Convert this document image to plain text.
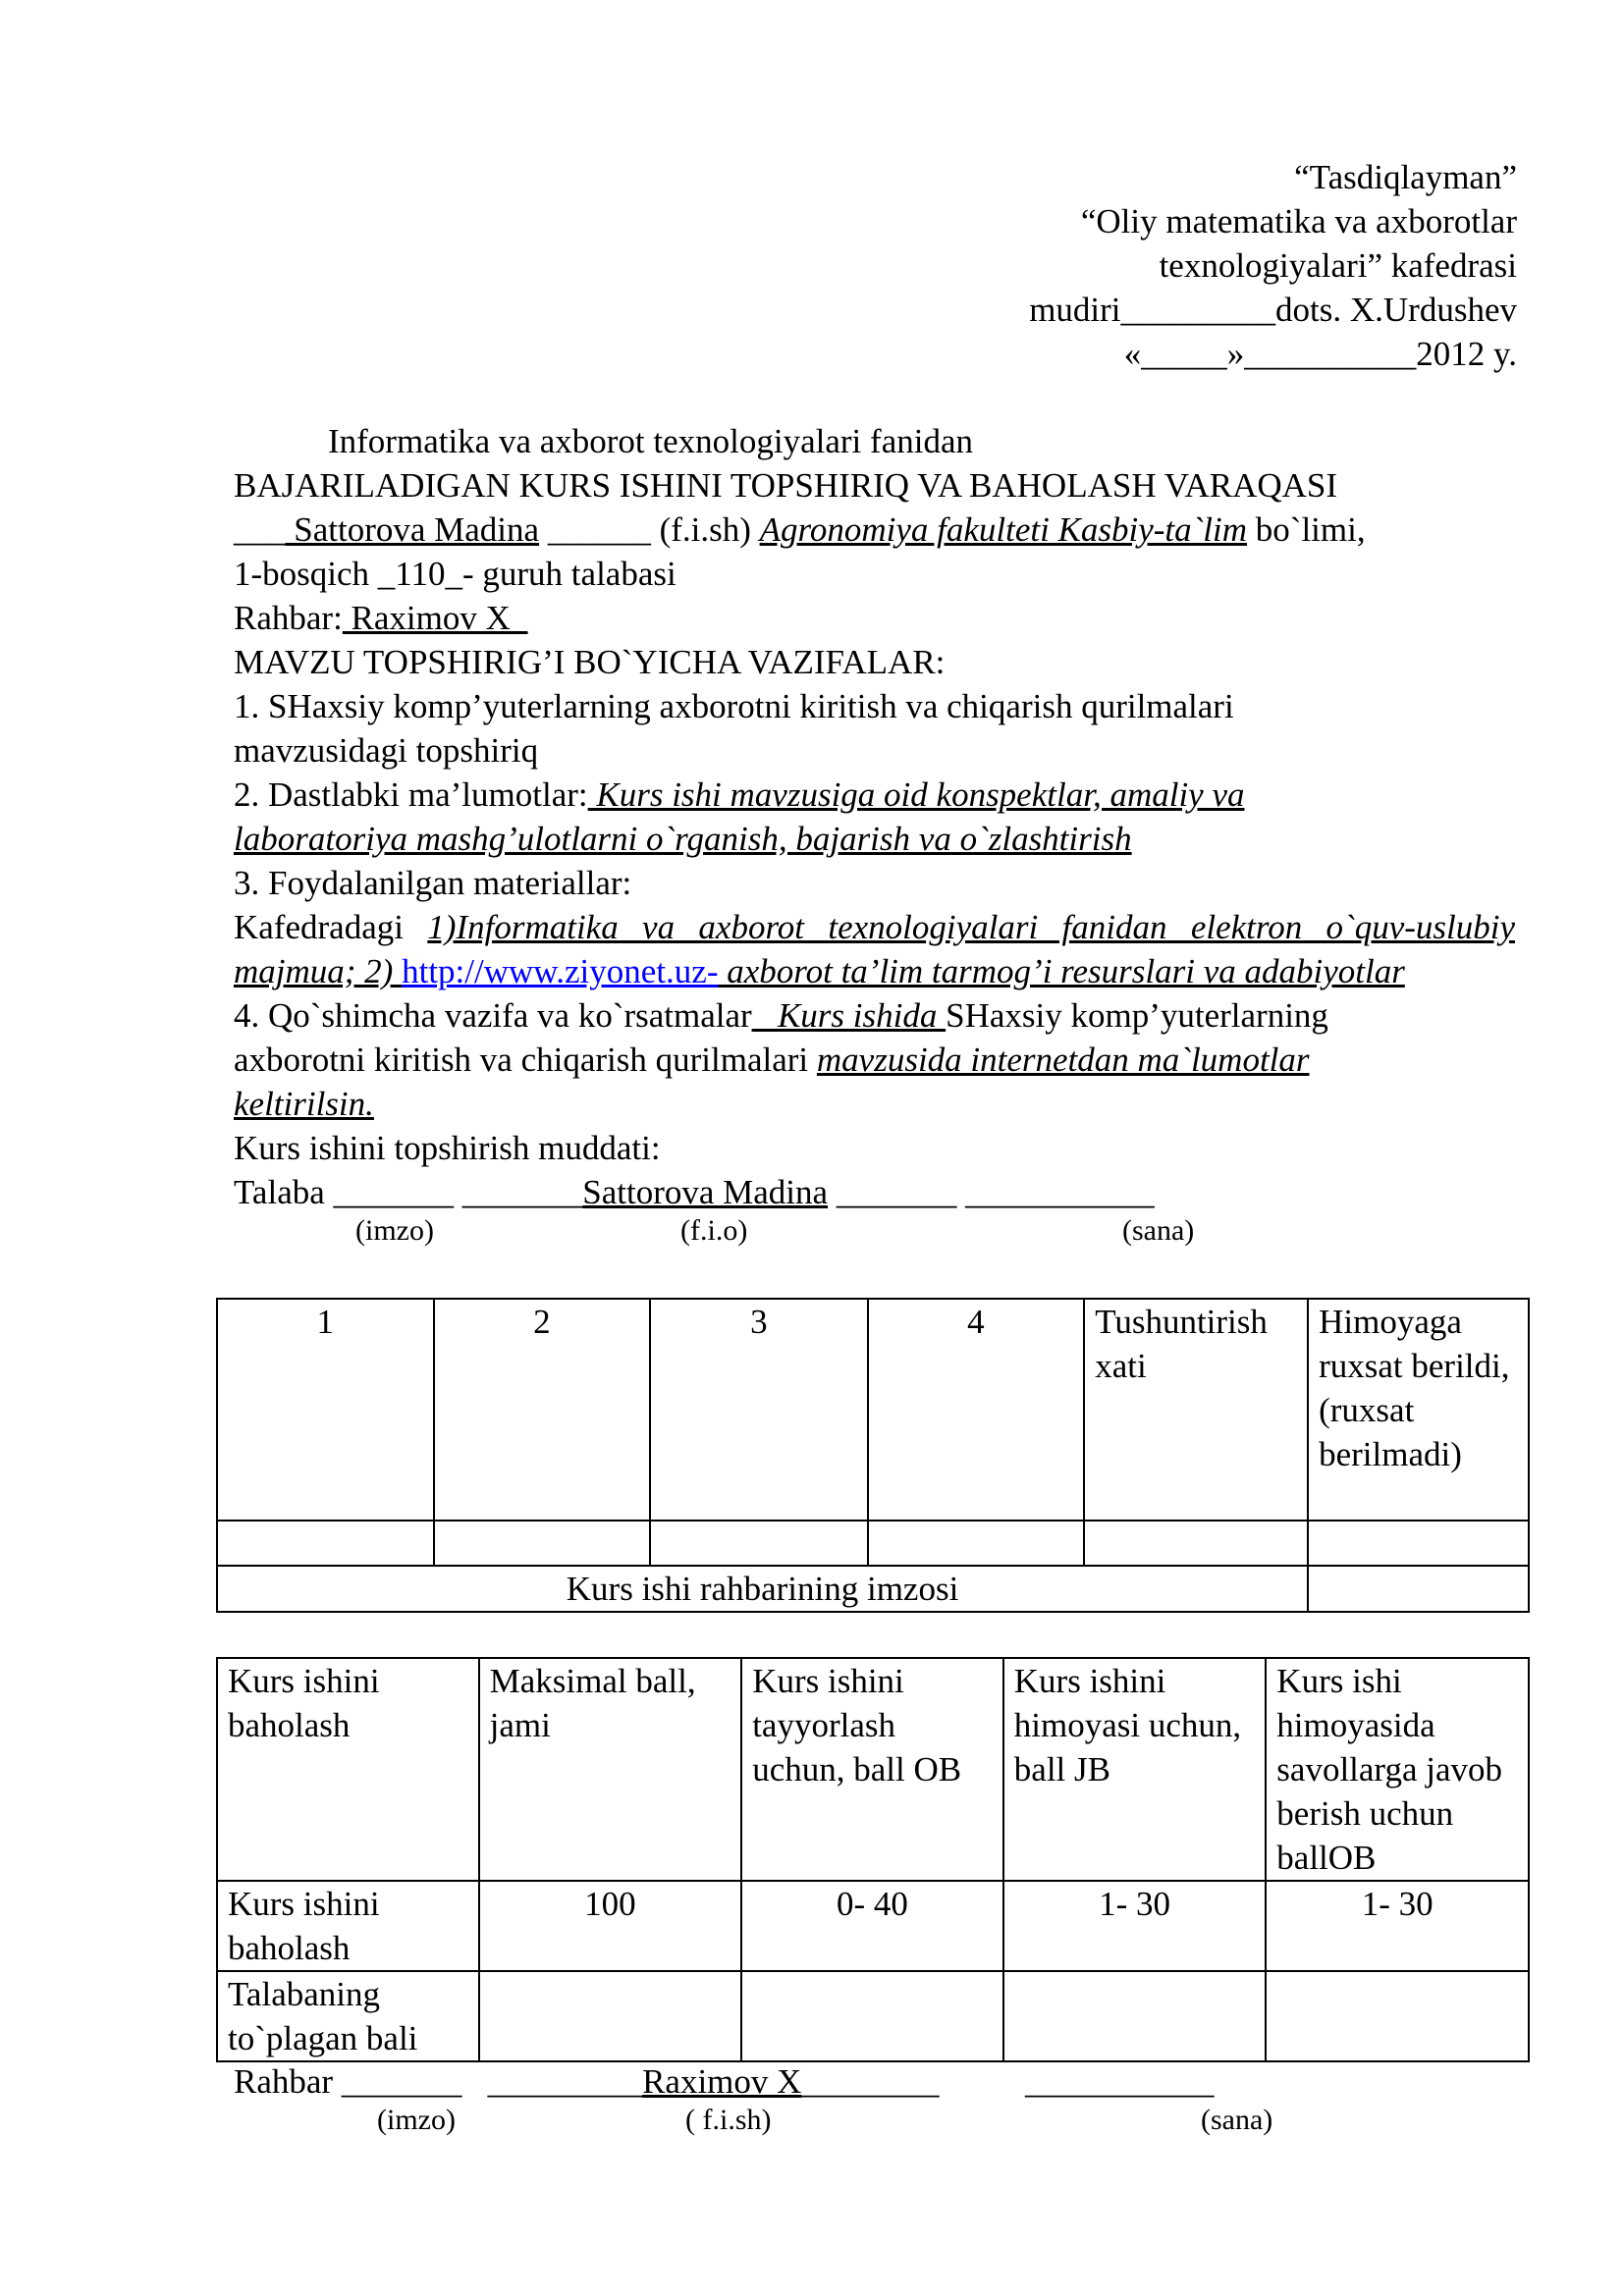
“Tasdiqlayman”
“Oliy matematika va axborotlar
texnologiyalari” kafedrasi
mudiri_________dots. X.Urdushev
«_____»__________2012 y.
Informatika va axborot texnologiyalari fanidan
BAJARILADIGAN KURS ISHINI TOPSHIRIQ VA BAHOLASH VARAQASI
___ Sattorova Madina ______ (f.i.sh) Agronomiya fakulteti Kasbiy-ta`lim bo`limi,
1-bosqich _110_- guruh talabasi
Rahbar: Raximov X_
MAVZU TOPSHIRIG’I BO`YICHA VAZIFALAR:
1. SHaxsiy komp’yuterlarning axborotni kiritish va chiqarish qurilmalari
mavzusidagi topshiriq
2. Dastlabki ma’lumotlar: Kurs ishi mavzusiga oid konspektlar, amaliy va
laboratoriya mashg’ulotlarni o`rganish, bajarish va o`zlashtirish
3. Foydalanilgan materiallar:
Kafedradagi 1)Informatika va axborot texnologiyalari fanidan elektron o`quv-uslubiy majmua; 2) http://www.ziyonet.uz- axborot ta’lim tarmog’i resurslari va adabiyotlar
4. Qo`shimcha vazifa va ko`rsatmalar_ Kurs ishida SHaxsiy komp’yuterlarning
axborotni kiritish va chiqarish qurilmalari mavzusida internetdan ma`lumotlar
keltirilsin.
Kurs ishini topshirish muddati:
Talaba _______ _______Sattorova Madina _______ ___________
(imzo)	(f.i.o)	(sana)
1	2	3	4	Tushuntirish xati	Himoyaga ruxsat berildi, (ruxsat berilmadi)

Kurs ishi rahbarining imzosi					
Kurs ishini baholash	Maksimal ball, jami	Kurs ishini tayyorlash uchun, ball OB	Kurs ishini himoyasi uchun, ball JB	Kurs ishi himoyasida savollarga javob berish uchun ballOB
Kurs ishini baholash	100	0- 40	1- 30	1- 30
Talabaning to`plagan bali				
Rahbar _______   _________Raximov X________          ___________
(imzo)	( f.i.sh)	(sana)
